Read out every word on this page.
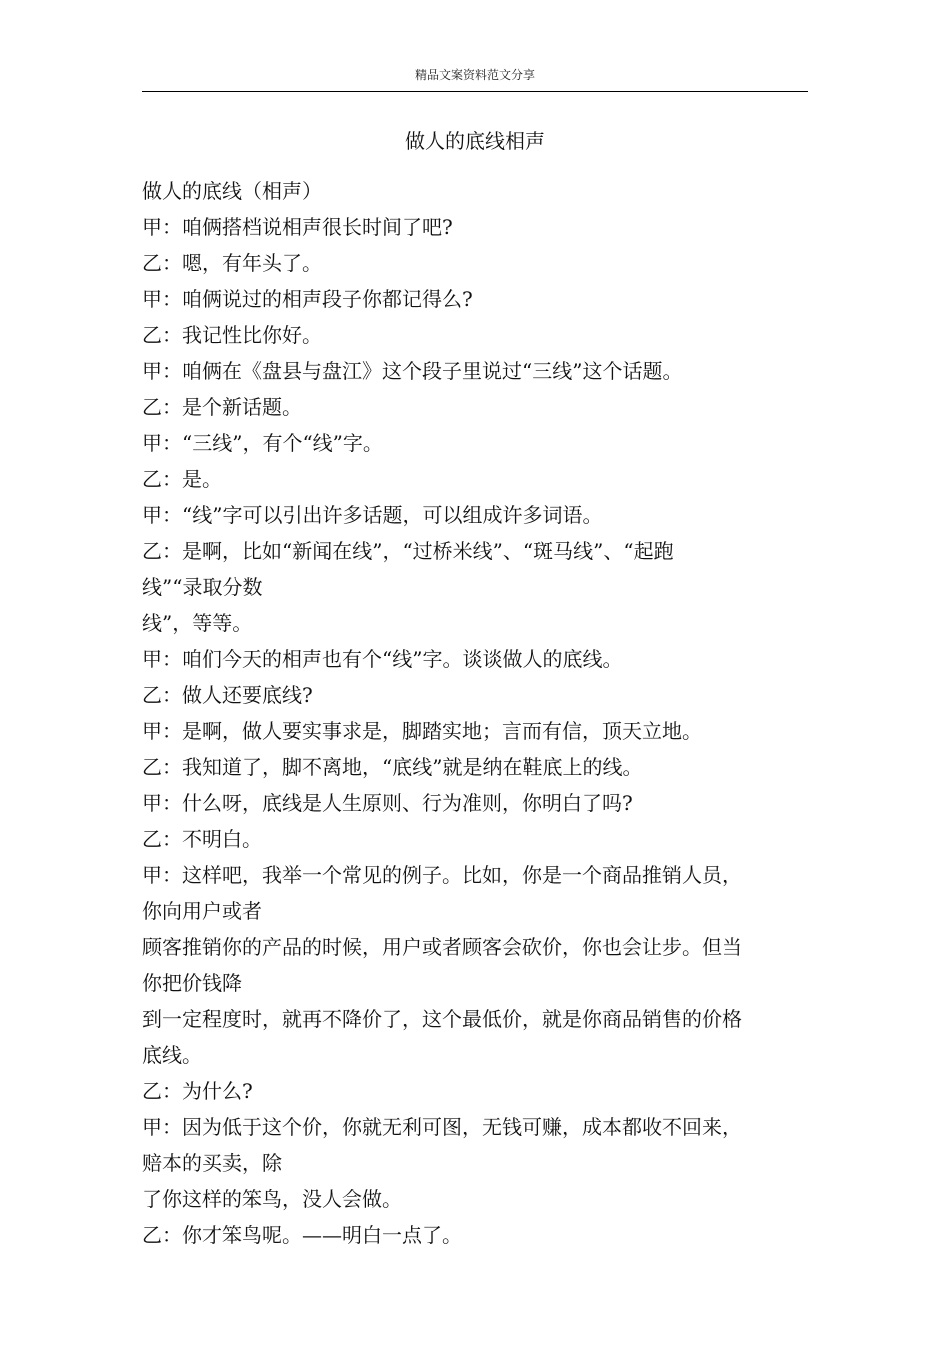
精品文案资料范文分享
做人的底线相声
做人的底线（相声）
甲：咱俩搭档说相声很长时间了吧?
乙：嗯，有年头了。
甲：咱俩说过的相声段子你都记得么?
乙：我记性比你好。
甲：咱俩在《盘县与盘江》这个段子里说过“三线”这个话题。
乙：是个新话题。
甲：“三线”，有个“线”字。
乙：是。
甲：“线”字可以引出许多话题，可以组成许多词语。
乙：是啊，比如“新闻在线”，“过桥米线”、“斑马线”、“起跑
线”“录取分数
线”，等等。
甲：咱们今天的相声也有个“线”字。谈谈做人的底线。
乙：做人还要底线?
甲：是啊，做人要实事求是，脚踏实地；言而有信，顶天立地。
乙：我知道了，脚不离地，“底线”就是纳在鞋底上的线。
甲：什么呀，底线是人生原则、行为准则，你明白了吗?
乙：不明白。
甲：这样吧，我举一个常见的例子。比如，你是一个商品推销人员，
你向用户或者
顾客推销你的产品的时候，用户或者顾客会砍价，你也会让步。但当
你把价钱降
到一定程度时，就再不降价了，这个最低价，就是你商品销售的价格
底线。
乙：为什么?
甲：因为低于这个价，你就无利可图，无钱可赚，成本都收不回来，
赔本的买卖，除
了你这样的笨鸟，没人会做。
乙：你才笨鸟呢。——明白一点了。
